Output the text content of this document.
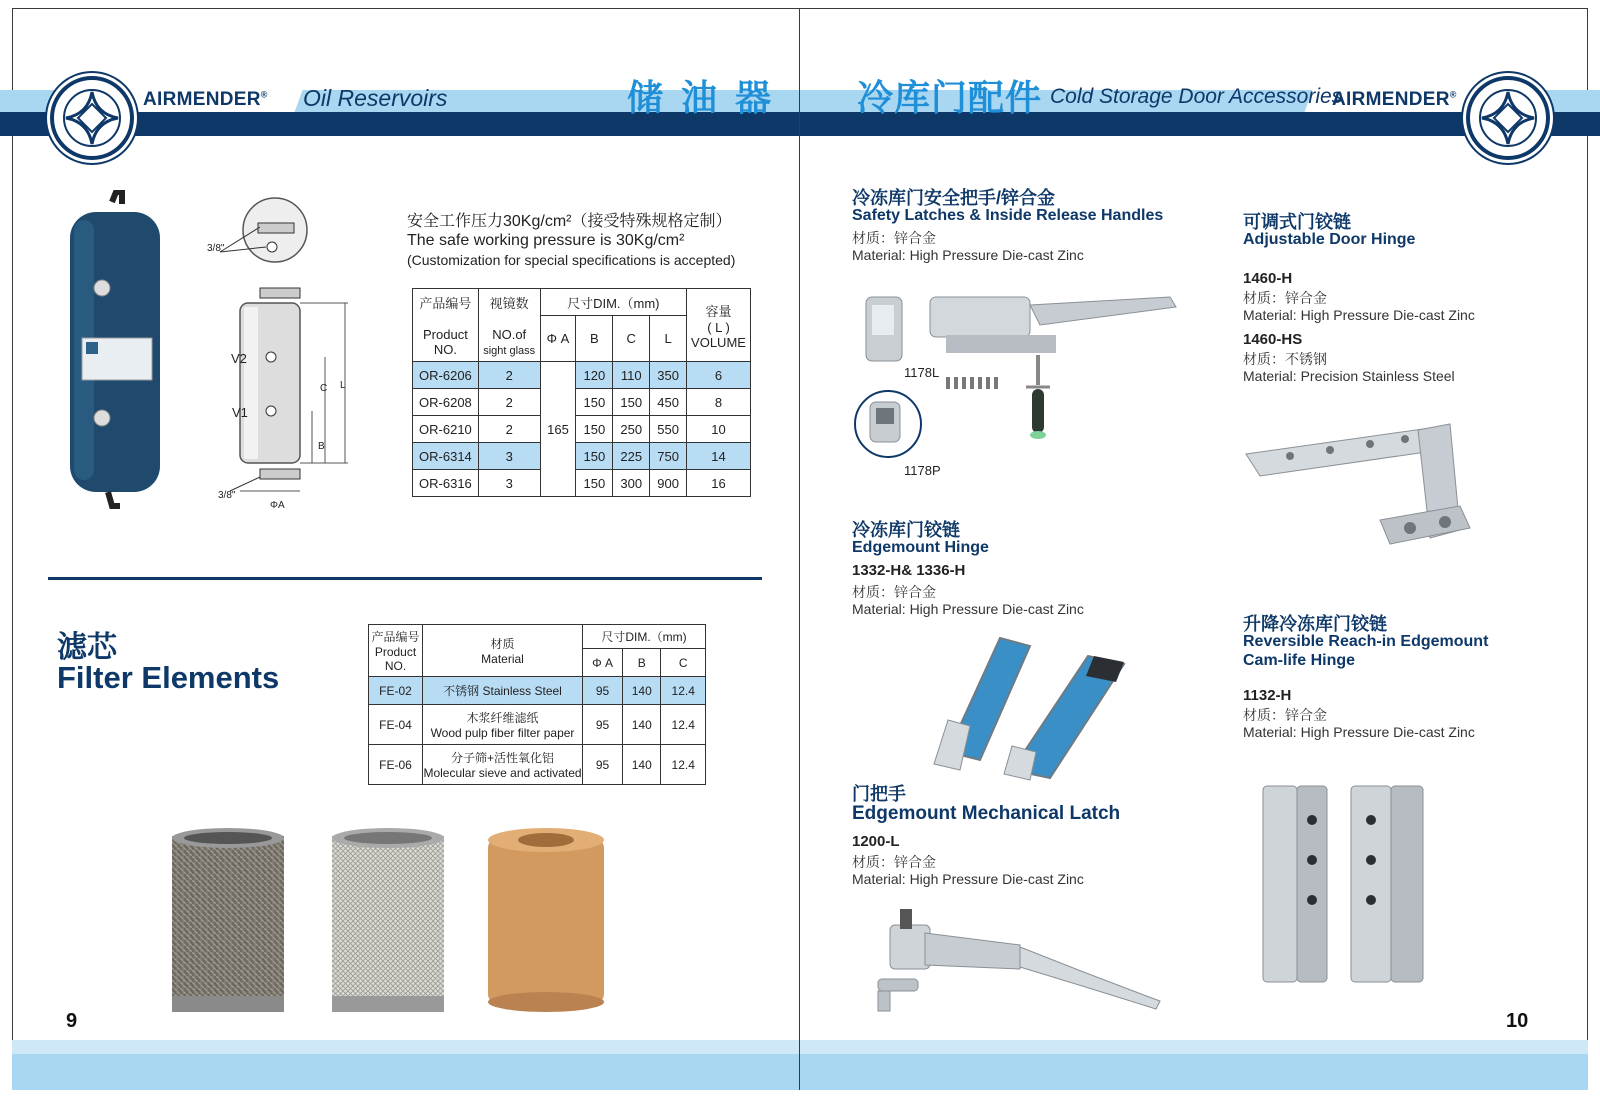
AIRMENDER® Oil Reservoirs	储 油 器 冷库门配件 Cold Storage Door Accessories
AIRMENDER®
3/8"
V2
V1
L
C
B
3/8"
ΦA
安全工作压力30Kg/cm²（接受特殊规格定制）
The safe working pressure is 30Kg/cm²
(Customization for special specifications is accepted)
产品编号

Product
NO.	视镜数

NO.of
sight glass	尺寸DIM.（mm)				容量
( L )
VOLUME
		Φ A	B	C	L	
OR-6206	2	165	120	110	350	6
OR-6208	2		150	150	450	8
OR-6210	2		150	250	550	10
OR-6314	3		150	225	750	14
OR-6316	3		150	300	900	16
滤芯
Filter Elements
产品编号
Product
NO.	材质
Material	尺寸DIM.（mm)		
		Φ A	B	C
FE-02	不锈钢 Stainless Steel	95	140	12.4
FE-04	木浆纤维滤纸
Wood pulp fiber filter paper	95	140	12.4
FE-06	分子筛+活性氧化铝
Molecular sieve and activated	95	140	12.4
9
冷冻库门安全把手/锌合金
Safety Latches & Inside Release Handles
材质：锌合金
Material: High Pressure Die-cast Zinc
1178L
1178P
可调式门铰链
Adjustable Door Hinge
1460-H
材质：锌合金
Material: High Pressure Die-cast Zinc
1460-HS
材质：不锈钢
Material: Precision Stainless Steel
冷冻库门铰链
Edgemount Hinge
1332-H& 1336-H
材质：锌合金
Material: High Pressure Die-cast Zinc
升降冷冻库门铰链
Reversible Reach-in Edgemount
Cam-life Hinge
1132-H
材质：锌合金
Material: High Pressure Die-cast Zinc
门把手
Edgemount Mechanical Latch
1200-L
材质：锌合金
Material: High Pressure Die-cast Zinc
10
